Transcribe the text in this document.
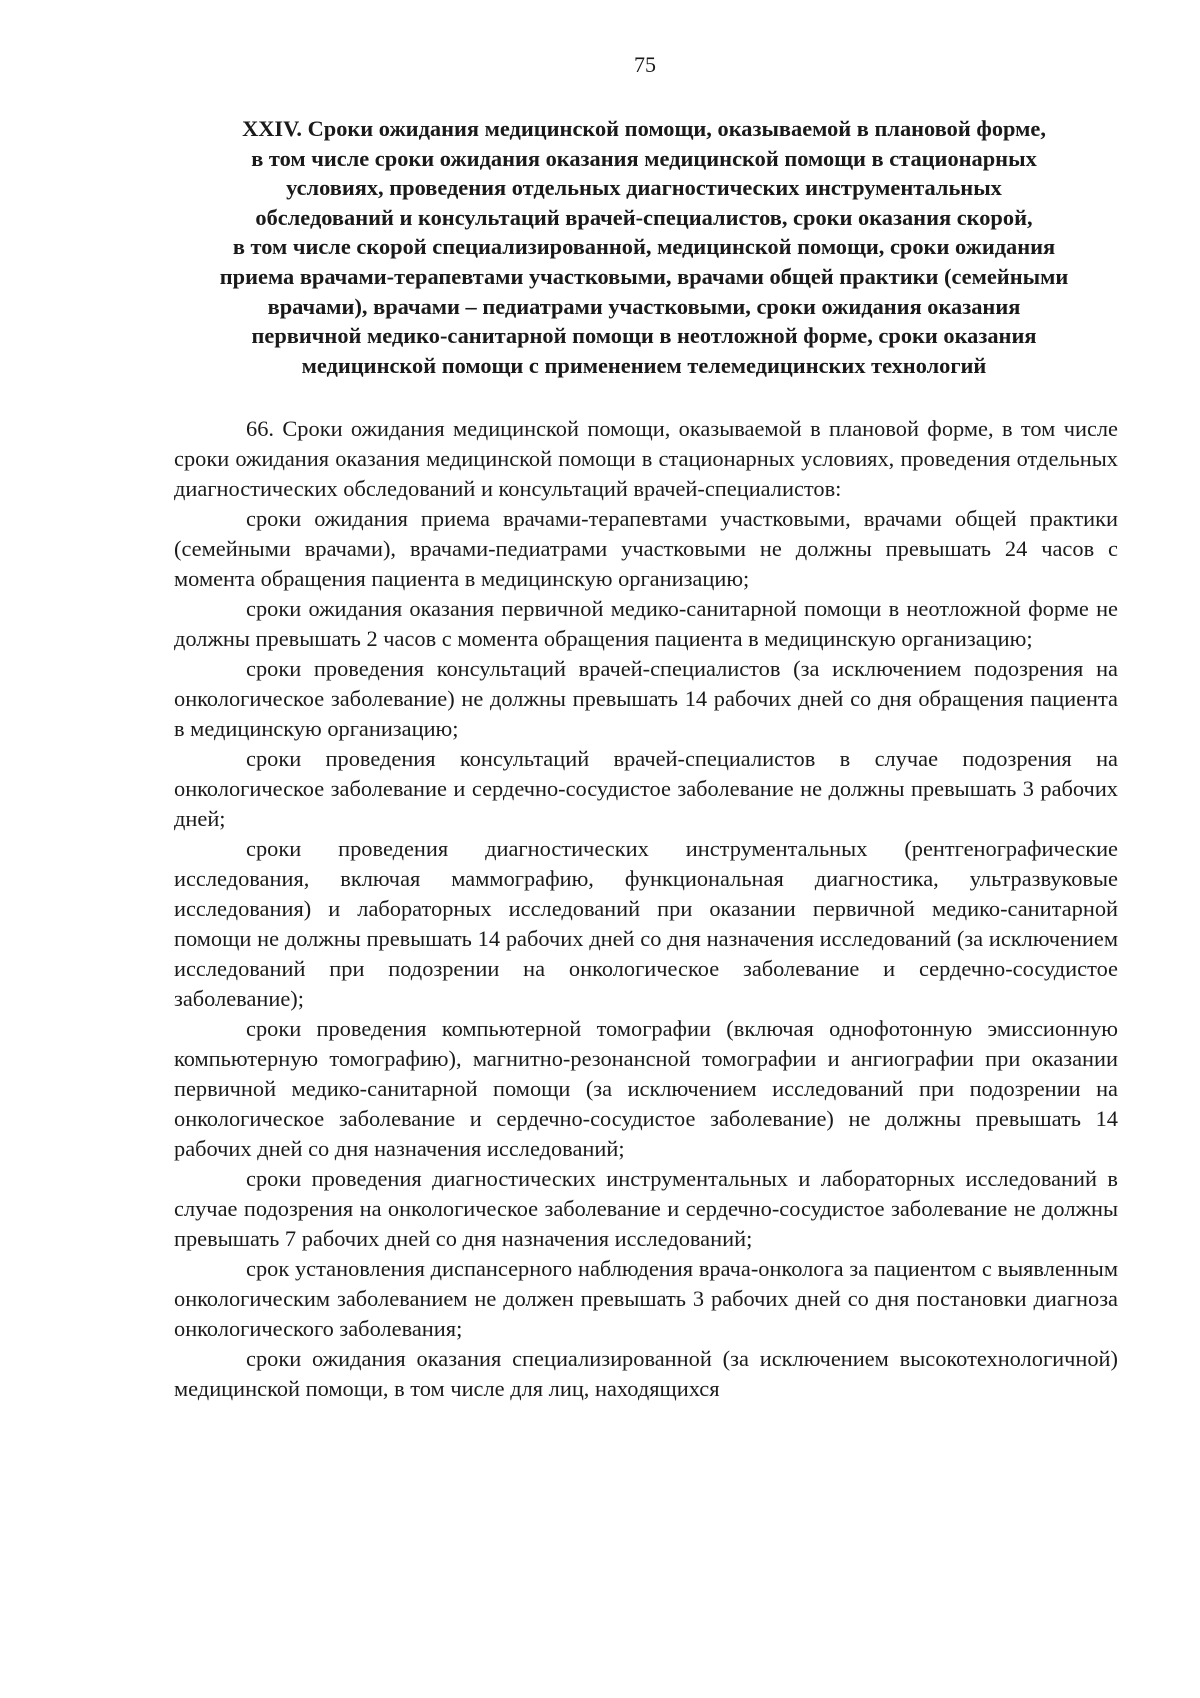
75
XXIV. Сроки ожидания медицинской помощи, оказываемой в плановой форме,
в том числе сроки ожидания оказания медицинской помощи в стационарных
условиях, проведения отдельных диагностических инструментальных
обследований и консультаций врачей-специалистов, сроки оказания скорой,
в том числе скорой специализированной, медицинской помощи, сроки ожидания
приема врачами-терапевтами участковыми, врачами общей практики (семейными
врачами), врачами – педиатрами участковыми, сроки ожидания оказания
первичной медико-санитарной помощи в неотложной форме, сроки оказания
медицинской помощи с применением телемедицинских технологий

66. Сроки ожидания медицинской помощи, оказываемой в плановой форме, в том числе сроки ожидания оказания медицинской помощи в стационарных условиях, проведения отдельных диагностических обследований и консультаций врачей-специалистов:

сроки ожидания приема врачами-терапевтами участковыми, врачами общей практики (семейными врачами), врачами-педиатрами участковыми не должны превышать 24 часов с момента обращения пациента в медицинскую организацию;

сроки ожидания оказания первичной медико-санитарной помощи в неотложной форме не должны превышать 2 часов с момента обращения пациента в медицинскую организацию;

сроки проведения консультаций врачей-специалистов (за исключением подозрения на онкологическое заболевание) не должны превышать 14 рабочих дней со дня обращения пациента в медицинскую организацию;

сроки проведения консультаций врачей-специалистов в случае подозрения на онкологическое заболевание и сердечно-сосудистое заболевание не должны превышать 3 рабочих дней;

сроки проведения диагностических инструментальных (рентгенографические исследования, включая маммографию, функциональная диагностика, ультразвуковые исследования) и лабораторных исследований при оказании первичной медико-санитарной помощи не должны превышать 14 рабочих дней со дня назначения исследований (за исключением исследований при подозрении на онкологическое заболевание и сердечно-сосудистое заболевание);

сроки проведения компьютерной томографии (включая однофотонную эмиссионную компьютерную томографию), магнитно-резонансной томографии и ангиографии при оказании первичной медико-санитарной помощи (за исключением исследований при подозрении на онкологическое заболевание и сердечно-сосудистое заболевание) не должны превышать 14 рабочих дней со дня назначения исследований;

сроки проведения диагностических инструментальных и лабораторных исследований в случае подозрения на онкологическое заболевание и сердечно-сосудистое заболевание не должны превышать 7 рабочих дней со дня назначения исследований;

срок установления диспансерного наблюдения врача-онколога за пациентом с выявленным онкологическим заболеванием не должен превышать 3 рабочих дней со дня постановки диагноза онкологического заболевания;

сроки ожидания оказания специализированной (за исключением высокотехнологичной) медицинской помощи, в том числе для лиц, находящихся
